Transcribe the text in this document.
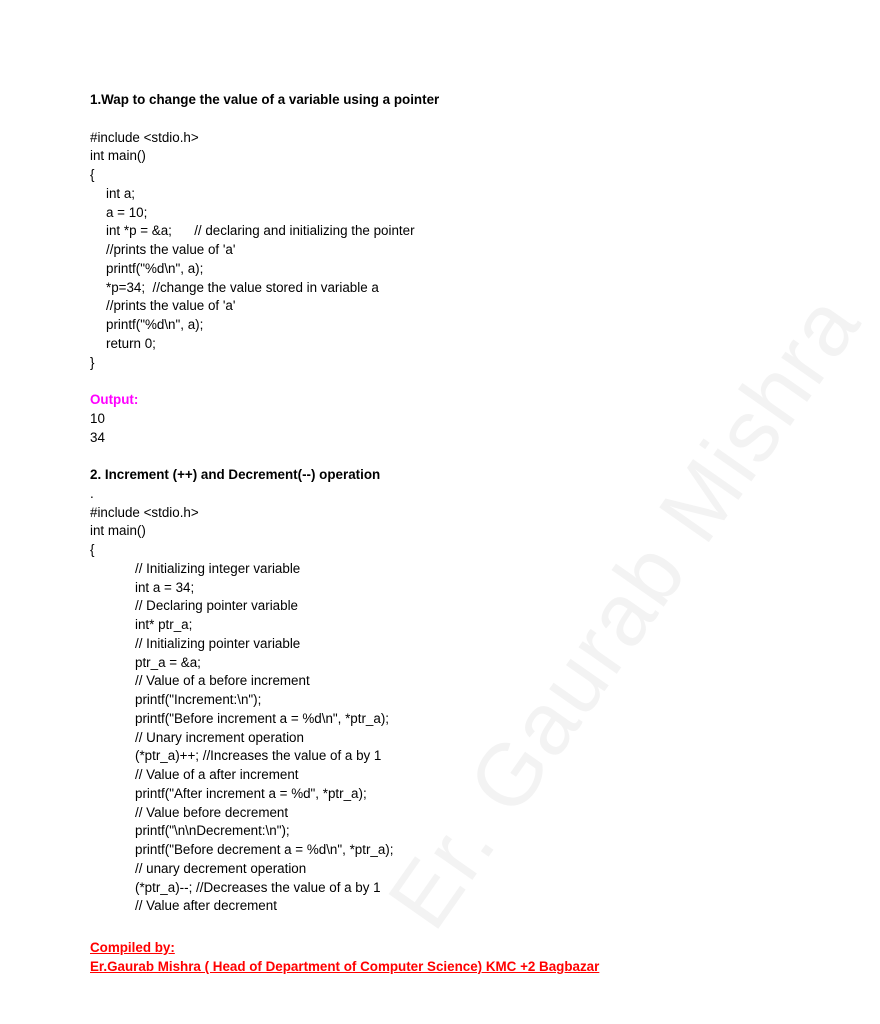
Er. Gaurab Mishra
1.Wap to change the value of a variable using a pointer
#include <stdio.h>
int main()
{
int a;
a = 10;
int *p = &a;      // declaring and initializing the pointer
//prints the value of 'a'
printf("%d\n", a);
*p=34;  //change the value stored in variable a
//prints the value of 'a'
printf("%d\n", a);
return 0;
}
Output:
10
34
2. Increment (++) and Decrement(--) operation
.
#include <stdio.h>
int main()
{
// Initializing integer variable
int a = 34;
// Declaring pointer variable
int* ptr_a;
// Initializing pointer variable
ptr_a = &a;
// Value of a before increment
printf("Increment:\n");
printf("Before increment a = %d\n", *ptr_a);
// Unary increment operation
(*ptr_a)++; //Increases the value of a by 1
// Value of a after increment
printf("After increment a = %d", *ptr_a);
// Value before decrement
printf("\n\nDecrement:\n");
printf("Before decrement a = %d\n", *ptr_a);
// unary decrement operation
(*ptr_a)--; //Decreases the value of a by 1
// Value after decrement
Compiled by:
Er.Gaurab Mishra ( Head of Department of Computer Science) KMC +2 Bagbazar
